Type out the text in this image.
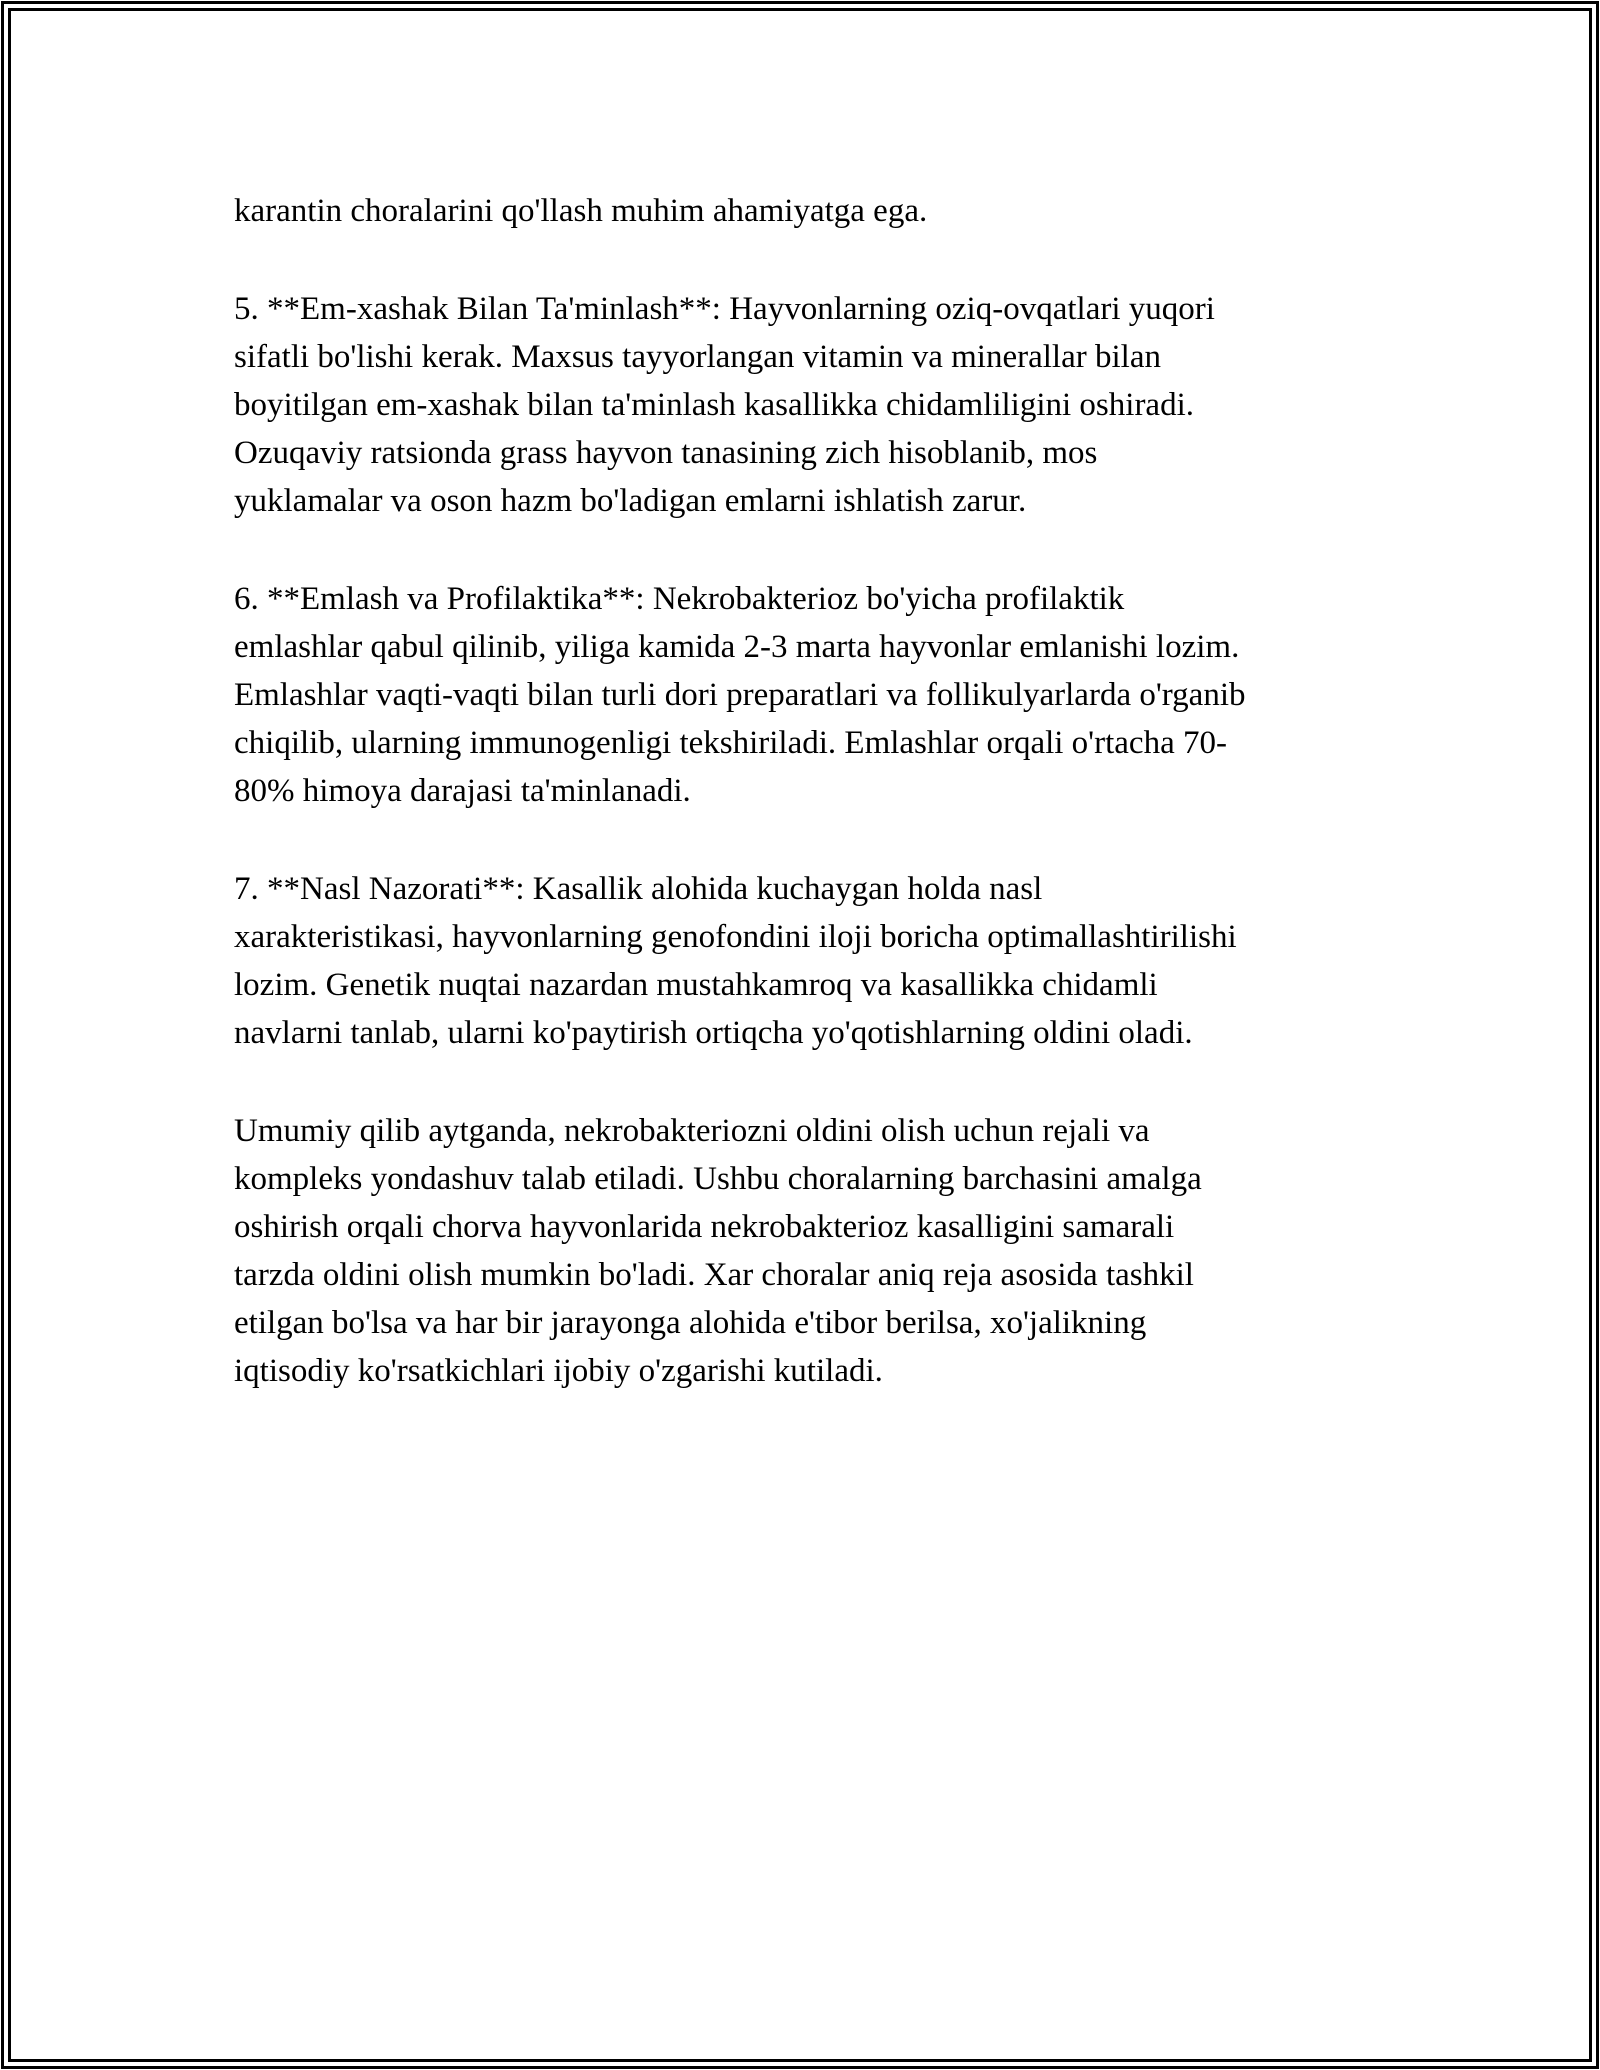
karantin choralarini qo'llash muhim ahamiyatga ega.
5. **Em-xashak Bilan Ta'minlash**: Hayvonlarning oziq-ovqatlari yuqori
sifatli bo'lishi kerak. Maxsus tayyorlangan vitamin va minerallar bilan
boyitilgan em-xashak bilan ta'minlash kasallikka chidamliligini oshiradi.
Ozuqaviy ratsionda grass hayvon tanasining zich hisoblanib, mos
yuklamalar va oson hazm bo'ladigan emlarni ishlatish zarur.
6. **Emlash va Profilaktika**: Nekrobakterioz bo'yicha profilaktik
emlashlar qabul qilinib, yiliga kamida 2-3 marta hayvonlar emlanishi lozim.
Emlashlar vaqti-vaqti bilan turli dori preparatlari va follikulyarlarda o'rganib
chiqilib, ularning immunogenligi tekshiriladi. Emlashlar orqali o'rtacha 70-
80% himoya darajasi ta'minlanadi.
7. **Nasl Nazorati**: Kasallik alohida kuchaygan holda nasl
xarakteristikasi, hayvonlarning genofondini iloji boricha optimallashtirilishi
lozim. Genetik nuqtai nazardan mustahkamroq va kasallikka chidamli
navlarni tanlab, ularni ko'paytirish ortiqcha yo'qotishlarning oldini oladi.
Umumiy qilib aytganda, nekrobakteriozni oldini olish uchun rejali va
kompleks yondashuv talab etiladi. Ushbu choralarning barchasini amalga
oshirish orqali chorva hayvonlarida nekrobakterioz kasalligini samarali
tarzda oldini olish mumkin bo'ladi. Xar choralar aniq reja asosida tashkil
etilgan bo'lsa va har bir jarayonga alohida e'tibor berilsa, xo'jalikning
iqtisodiy ko'rsatkichlari ijobiy o'zgarishi kutiladi.
